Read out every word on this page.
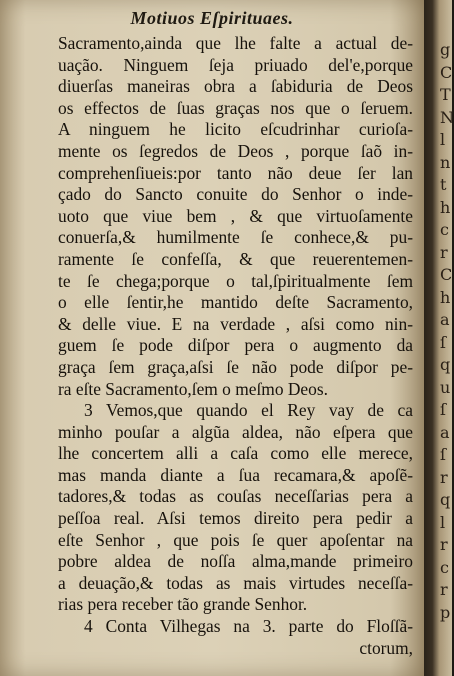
Motiuos Eſpirituaes.
Sacramento,ainda que lhe falte a actual de-
uação. Ninguem ſeja priuado del'e,porque
diuerſas maneiras obra a ſabiduria de Deos
os effectos de ſuas graças nos que o ſeruem.
A ninguem he licito eſcudrinhar curioſa-
mente os ſegredos de Deos , porque ſaõ in-
comprehenſiueis:por tanto não deue ſer lan
çado do Sancto conuite do Senhor o inde-
uoto que viue bem , & que virtuoſamente
conuerſa,& humilmente ſe conhece,& pu-
ramente ſe confeſſa, & que reuerentemen-
te ſe chega;porque o tal,ſpiritualmente ſem
o elle ſentir,he mantido deſte Sacramento,
& delle viue. E na verdade , aſsi como nin-
guem ſe pode diſpor pera o augmento da
graça ſem graça,aſsi ſe não pode diſpor pe-
ra eſte Sacramento,ſem o meſmo Deos.
3 Vemos,que quando el Rey vay de ca
minho pouſar a algũa aldea, não eſpera que
lhe concertem alli a caſa como elle merece,
mas manda diante a ſua recamara,& apoſẽ-
tadores,& todas as couſas neceſſarias pera a
peſſoa real. Aſsi temos direito pera pedir a
eſte Senhor , que pois ſe quer apoſentar na
pobre aldea de noſſa alma,mande primeiro
a deuação,& todas as mais virtudes neceſſa-
rias pera receber tão grande Senhor.
4 Conta Vilhegas na 3. parte do Floſſã-
ctorum,
g
C
T
N
l
n
t
h
c
r
C
h
a
ſ
q
u
ſ
a
ſ
r
q
l
r
c
r
p
